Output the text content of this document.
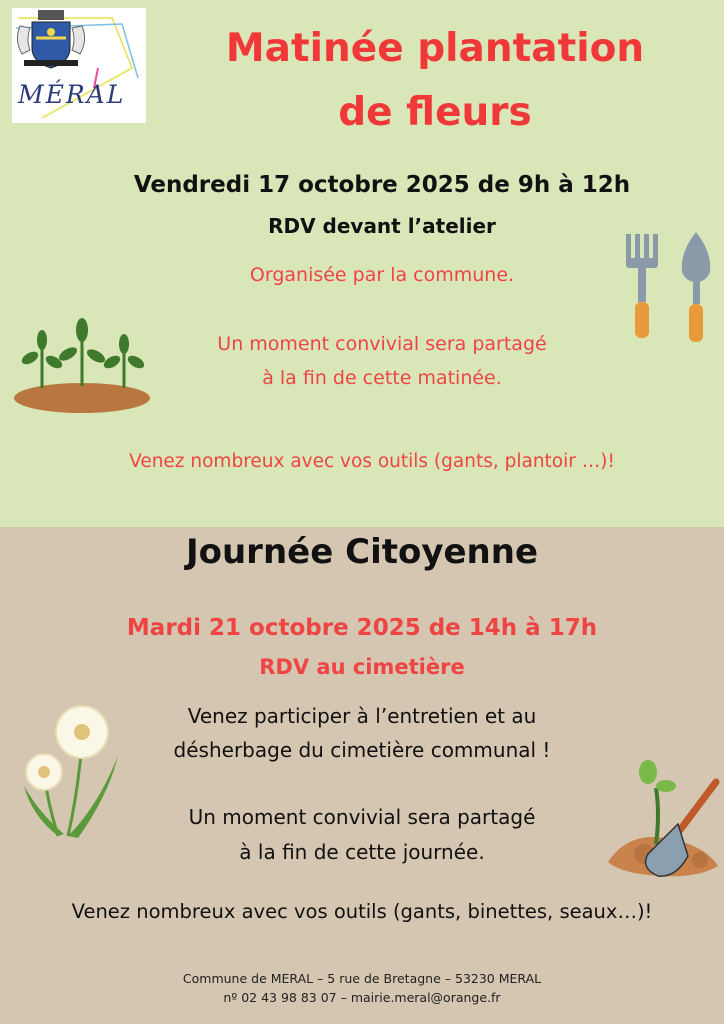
MÉRAL
Matinée plantation
de fleurs
Vendredi 17 octobre 2025 de 9h à 12h
RDV devant l’atelier
Organisée par la commune.
Un moment convivial sera partagé
à la fin de cette matinée.
Venez nombreux avec vos outils (gants, plantoir …)!
Journée Citoyenne
Mardi 21 octobre 2025 de 14h à 17h
RDV au cimetière
Venez participer à l’entretien et au
désherbage du cimetière communal !
Un moment convivial sera partagé
à la fin de cette journée.
Venez nombreux avec vos outils (gants, binettes, seaux…)!
Commune de MERAL – 5 rue de Bretagne – 53230 MERAL
nº 02 43 98 83 07 – mairie.meral@orange.fr
